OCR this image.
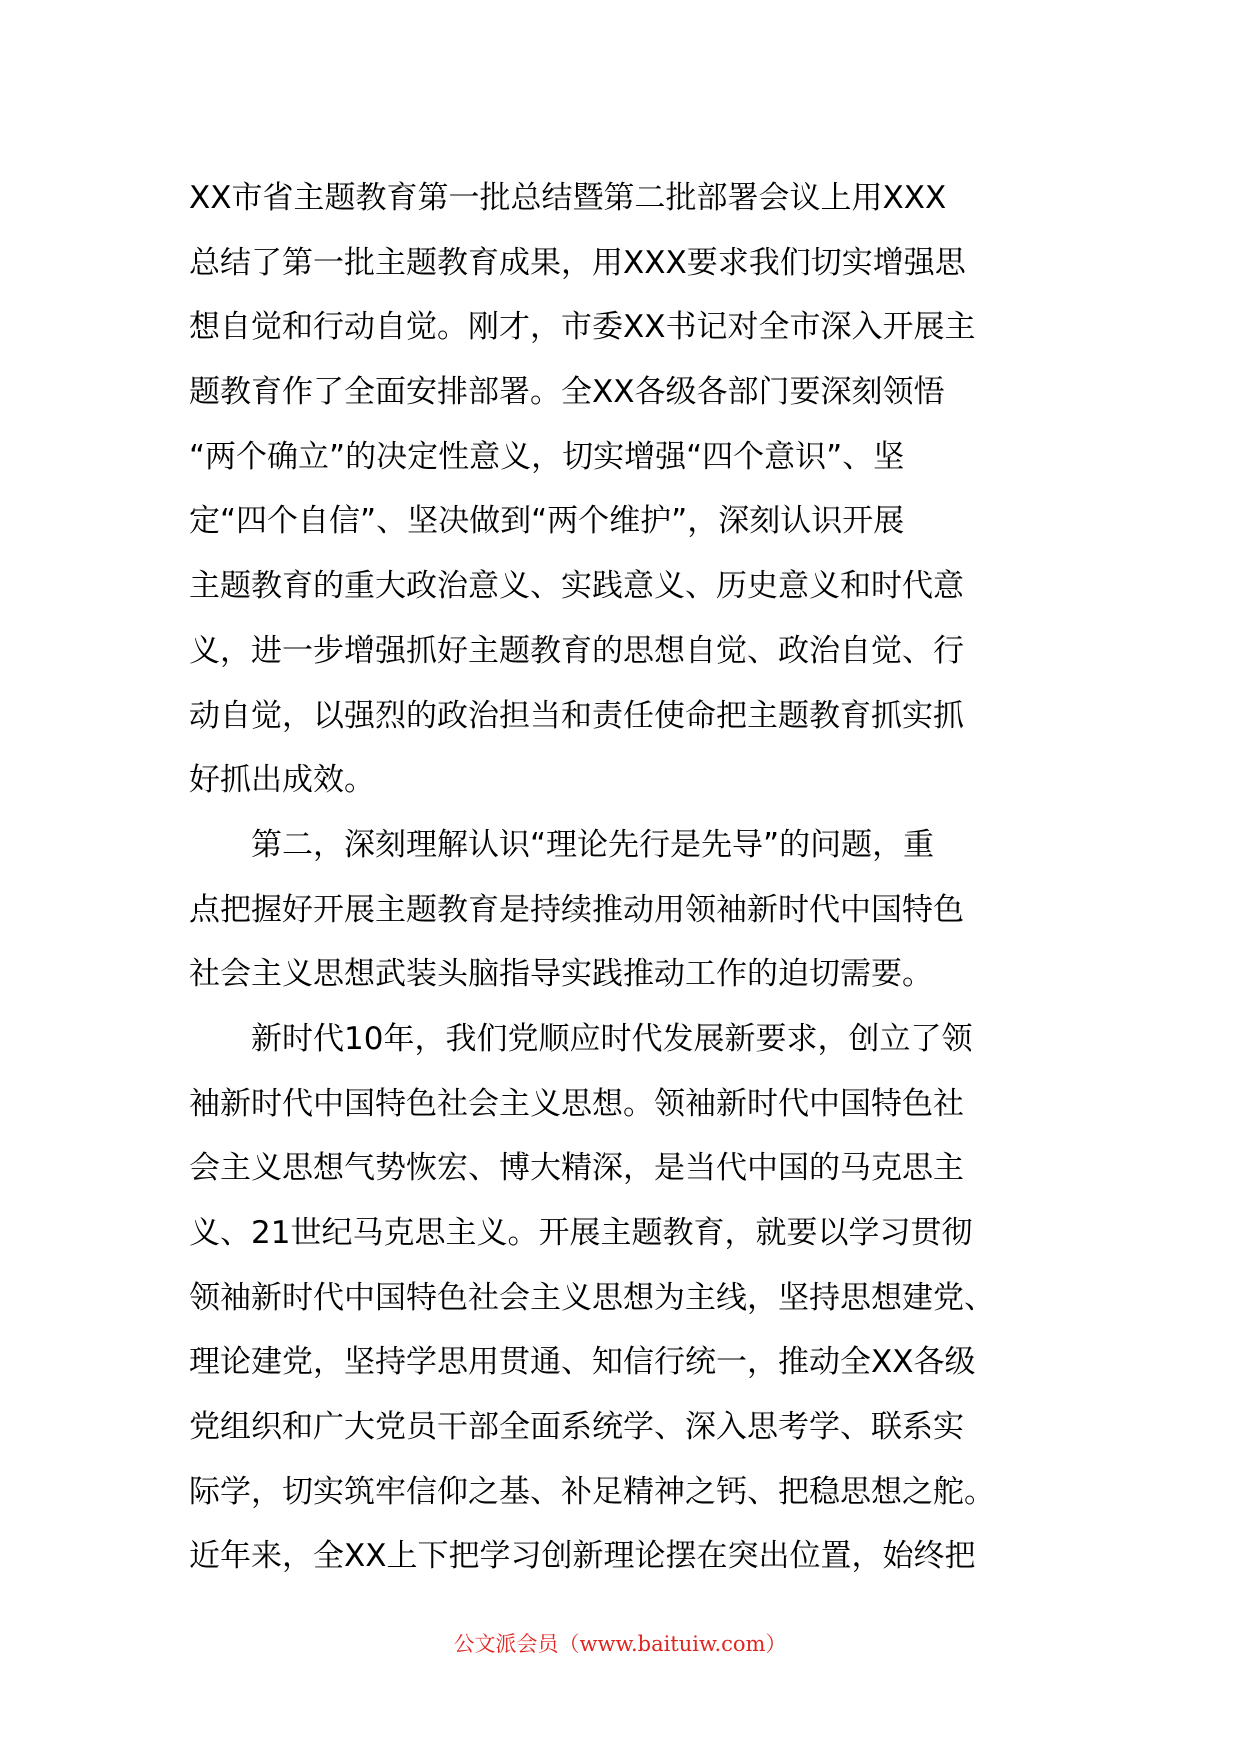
XX市省主题教育第一批总结暨第二批部署会议上用XXX
总结了第一批主题教育成果，用XXX要求我们切实增强思
想自觉和行动自觉。刚才，市委XX书记对全市深入开展主
题教育作了全面安排部署。全XX各级各部门要深刻领悟
“两个确立”的决定性意义，切实增强“四个意识”、坚
定“四个自信”、坚决做到“两个维护”，深刻认识开展
主题教育的重大政治意义、实践意义、历史意义和时代意
义，进一步增强抓好主题教育的思想自觉、政治自觉、行
动自觉，以强烈的政治担当和责任使命把主题教育抓实抓
好抓出成效。
　　第二，深刻理解认识“理论先行是先导”的问题，重
点把握好开展主题教育是持续推动用领袖新时代中国特色
社会主义思想武装头脑指导实践推动工作的迫切需要。
　　新时代10年，我们党顺应时代发展新要求，创立了领
袖新时代中国特色社会主义思想。领袖新时代中国特色社
会主义思想气势恢宏、博大精深，是当代中国的马克思主
义、21世纪马克思主义。开展主题教育，就要以学习贯彻
领袖新时代中国特色社会主义思想为主线，坚持思想建党、
理论建党，坚持学思用贯通、知信行统一，推动全XX各级
党组织和广大党员干部全面系统学、深入思考学、联系实
际学，切实筑牢信仰之基、补足精神之钙、把稳思想之舵。
近年来，全XX上下把学习创新理论摆在突出位置，始终把
公文派会员（www.baituiw.com）
